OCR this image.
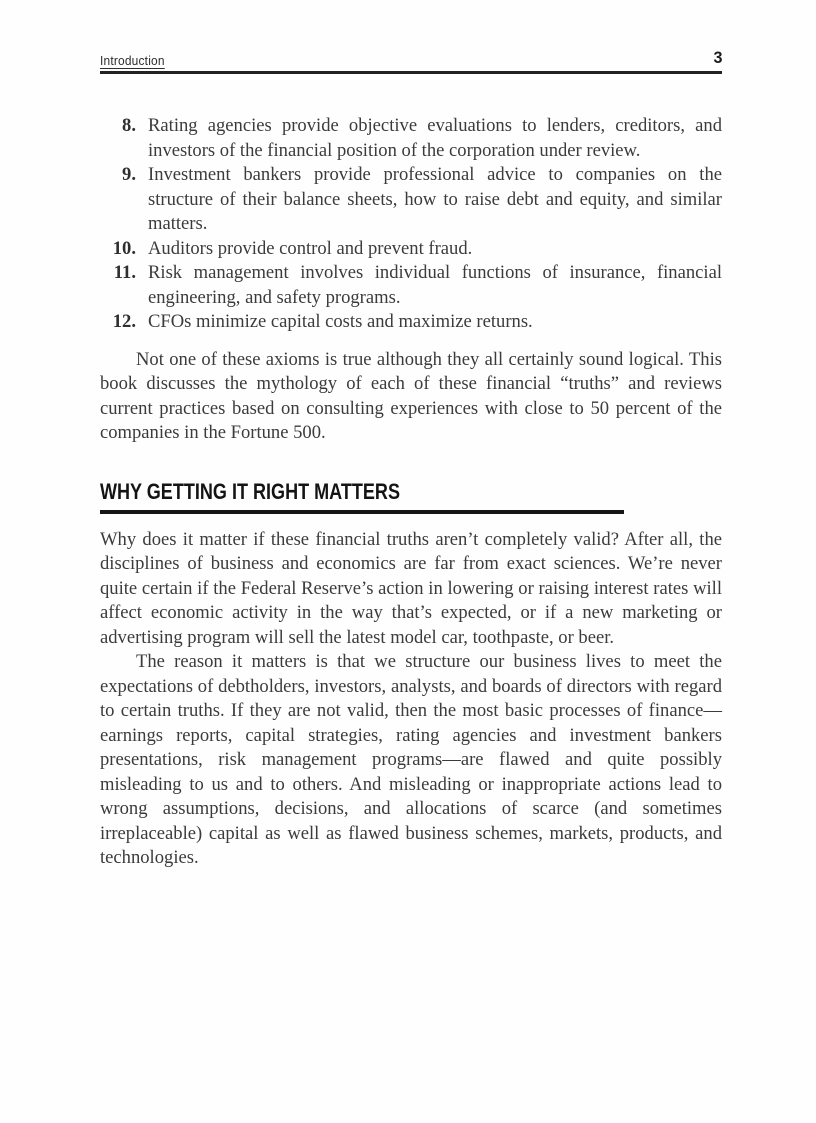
Introduction	3
8. Rating agencies provide objective evaluations to lenders, creditors, and investors of the financial position of the corporation under review.
9. Investment bankers provide professional advice to companies on the structure of their balance sheets, how to raise debt and equity, and similar matters.
10. Auditors provide control and prevent fraud.
11. Risk management involves individual functions of insurance, financial engineering, and safety programs.
12. CFOs minimize capital costs and maximize returns.

Not one of these axioms is true although they all certainly sound logical. This book discusses the mythology of each of these financial “truths” and reviews current practices based on consulting experiences with close to 50 percent of the companies in the Fortune 500.

WHY GETTING IT RIGHT MATTERS

Why does it matter if these financial truths aren’t completely valid? After all, the disciplines of business and economics are far from exact sciences. We’re never quite certain if the Federal Reserve’s action in lowering or raising interest rates will affect economic activity in the way that’s expected, or if a new marketing or advertising program will sell the latest model car, toothpaste, or beer.

The reason it matters is that we structure our business lives to meet the expectations of debtholders, investors, analysts, and boards of directors with regard to certain truths. If they are not valid, then the most basic processes of finance—earnings reports, capital strategies, rating agencies and investment bankers presentations, risk management programs—are flawed and quite possibly misleading to us and to others. And misleading or inappropriate actions lead to wrong assumptions, decisions, and allocations of scarce (and sometimes irreplaceable) capital as well as flawed business schemes, markets, products, and technologies.
